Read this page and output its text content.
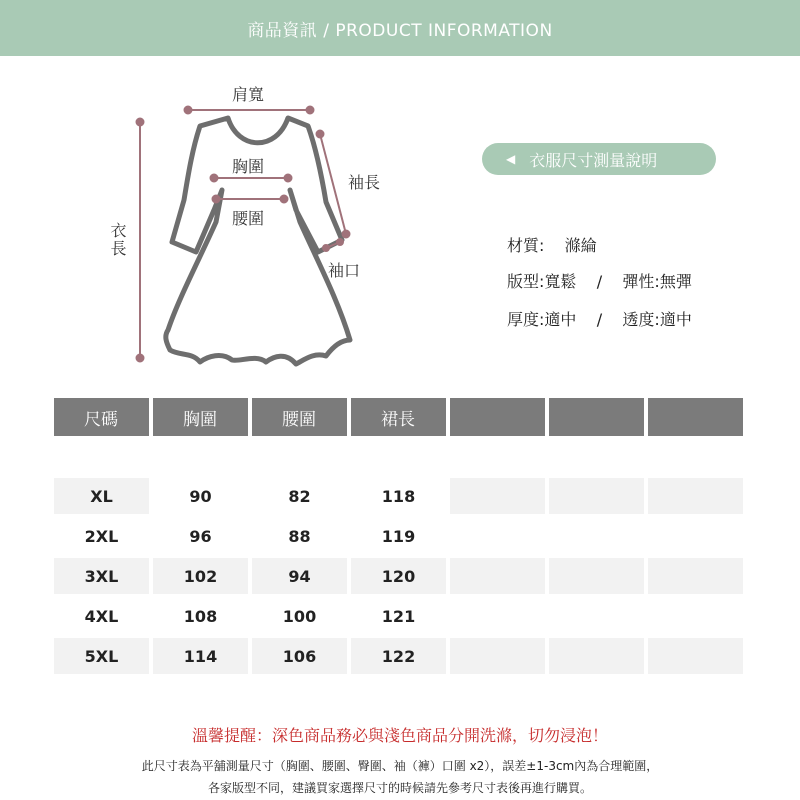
商品資訊 / PRODUCT INFORMATION
肩寬
胸圍
腰圍
袖長
袖口
衣長
◀ 衣服尺寸測量說明
材質: 滌綸
版型:寬鬆 / 彈性:無彈
厚度:適中 / 透度:適中
尺碼	胸圍	腰圍	裙長			

XL	90	82	118			

2XL	96	88	119			

3XL	102	94	120			

4XL	108	100	121			

5XL	114	106	122			
溫馨提醒：深色商品務必與淺色商品分開洗滌，切勿浸泡！
此尺寸表為平舖測量尺寸（胸圍、腰圍、臀圍、袖（褲）口圍 x2），誤差±1-3cm內為合理範圍，
各家版型不同，建議買家選擇尺寸的時候請先參考尺寸表後再進行購買。
